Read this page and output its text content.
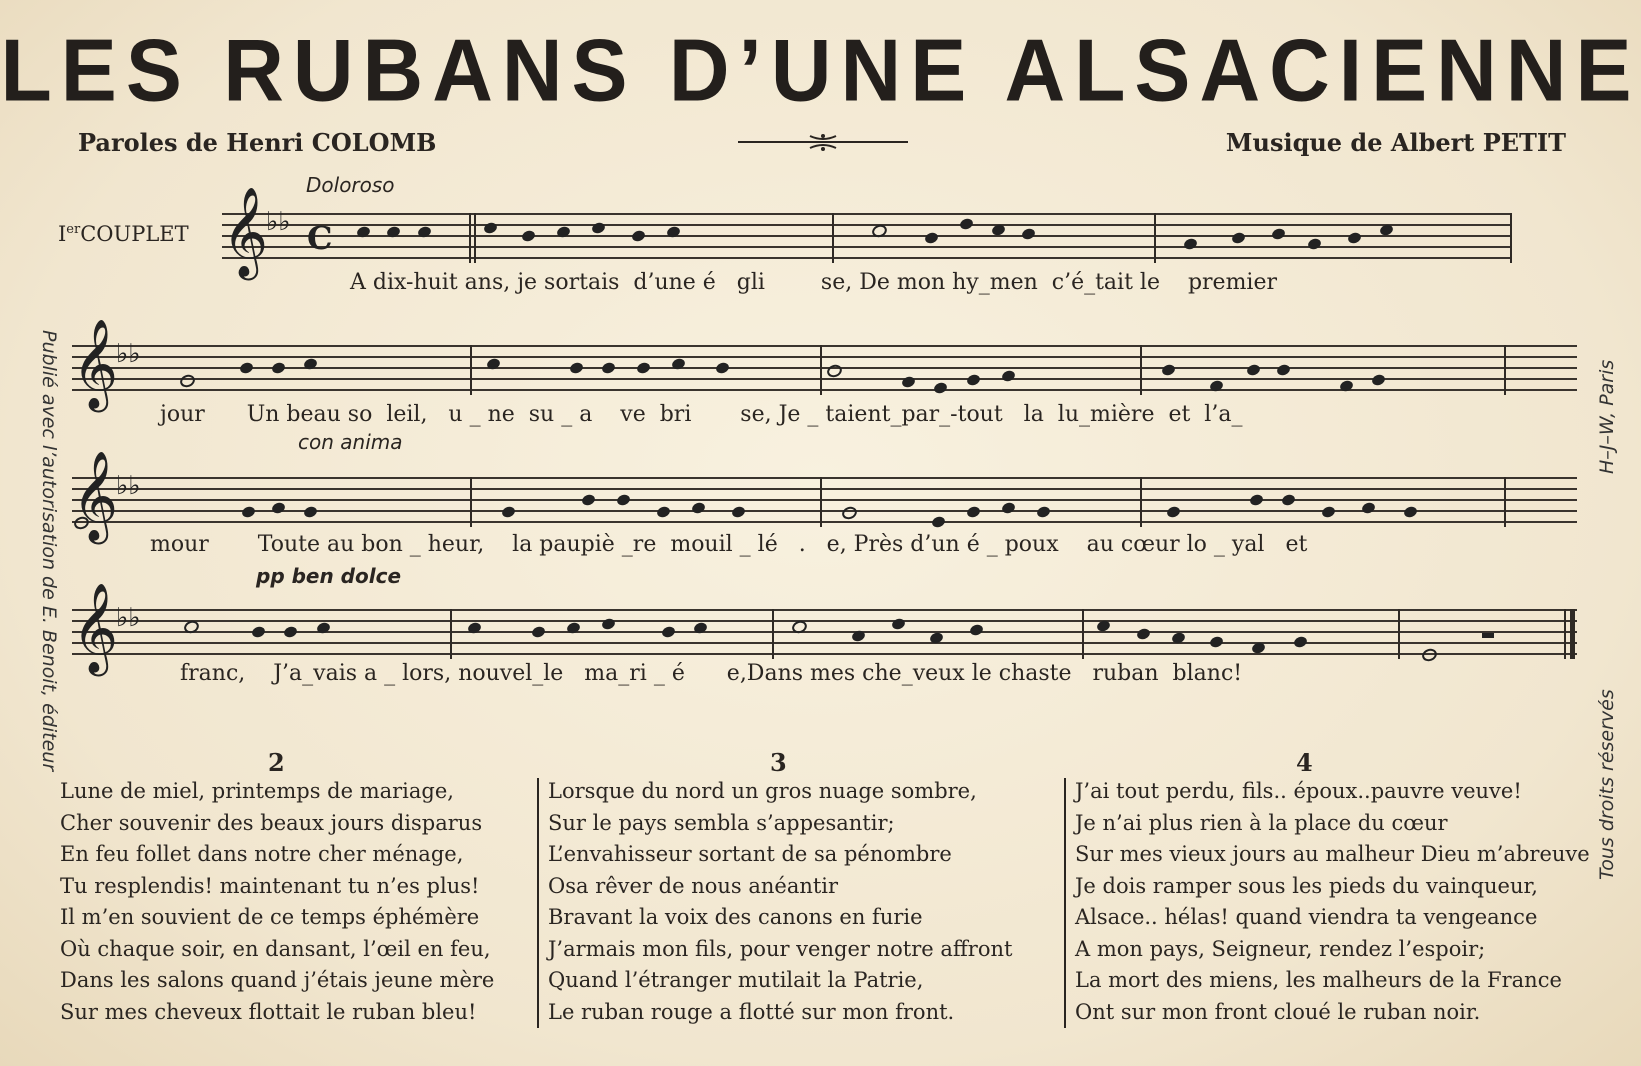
LES RUBANS D’UNE ALSACIENNE
Paroles de Henri COLOMB	Musique de Albert PETIT
Publié avec l’autorisation de E. Benoit, éditeur
Tous droits réservés
H–J–W, Paris
IerCOUPLET
Doloroso
con anima
pp ben dolce
𝄞
♭♭ C
A dix-huit ans, je sortais  d’une é   gli        se, De mon hy_men  c’é_tait le    premier
𝄞
♭♭
jour      Un beau so  leil,   u _ ne  su _ a    ve  bri       se, Je _ taient_par_-tout   la  lu_mière  et  l’a_
𝄞
♭♭
mour       Toute au bon _ heur,    la paupiè _re  mouil _ lé   .   e, Près d’un é _ poux    au cœur lo _ yal   et
𝄞
♭♭
franc,    J’a_vais a _ lors, nouvel_le   ma_ri _ é      e,Dans mes che_veux le chaste   ruban  blanc!
2
Lune de miel, printemps de mariage,
Cher souvenir des beaux jours disparus
En feu follet dans notre cher ménage,
Tu resplendis! maintenant tu n’es plus!
Il m’en souvient de ce temps éphémère
Où chaque soir, en dansant, l’œil en feu,
Dans les salons quand j’étais jeune mère
Sur mes cheveux flottait le ruban bleu!
3
Lorsque du nord un gros nuage sombre,
Sur le pays sembla s’appesantir;
L’envahisseur sortant de sa pénombre
Osa rêver de nous anéantir
Bravant la voix des canons en furie
J’armais mon fils, pour venger notre affront
Quand l’étranger mutilait la Patrie,
Le ruban rouge a flotté sur mon front.
4
J’ai tout perdu, fils.. époux..pauvre veuve!
Je n’ai plus rien à la place du cœur
Sur mes vieux jours au malheur Dieu m’abreuve
Je dois ramper sous les pieds du vainqueur,
Alsace.. hélas! quand viendra ta vengeance
A mon pays, Seigneur, rendez l’espoir;
La mort des miens, les malheurs de la France
Ont sur mon front cloué le ruban noir.
